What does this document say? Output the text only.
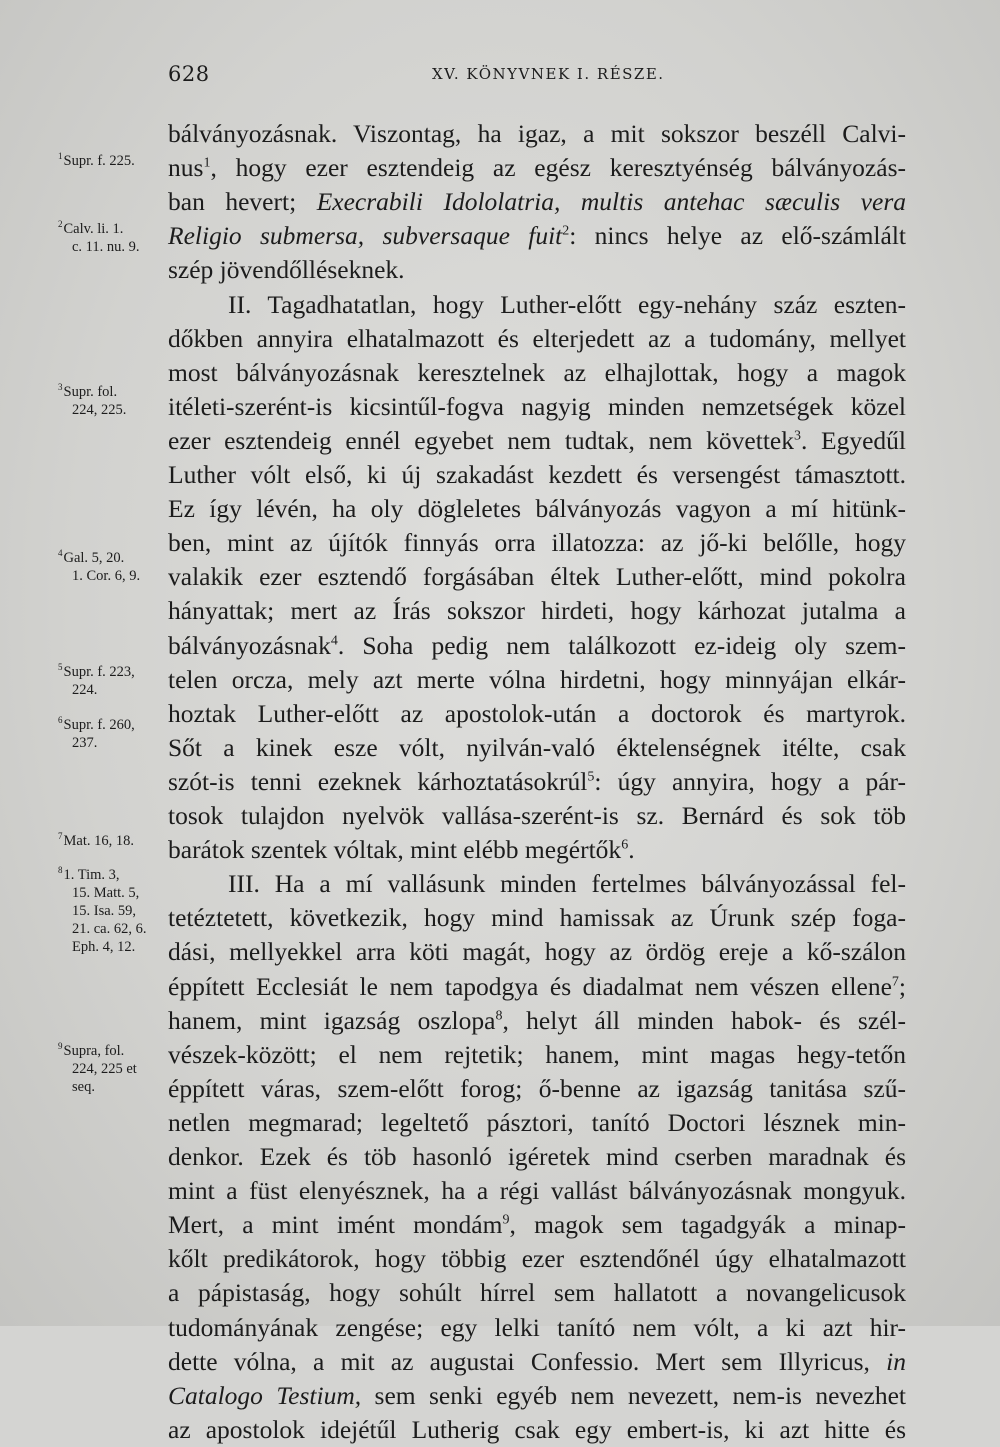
628	XV. KÖNYVNEK I. RÉSZE.
bálványozásnak. Viszontag, ha igaz, a mit sokszor beszéll Calvi-
nus$^1$, hogy ezer esztendeig az egész keresztyénség bálványozás-
ban hevert; Execrabili Idololatria, multis antehac sæculis vera
Religio submersa, subversaque fuit$^2$: nincs helye az elő-számlált
szép jövendőlléseknek.
II. Tagadhatatlan, hogy Luther-előtt egy-nehány száz eszten-
dőkben annyira elhatalmazott és elterjedett az a tudomány, mellyet
most bálványozásnak keresztelnek az elhajlottak, hogy a magok
itéleti-szerént-is kicsintűl-fogva nagyig minden nemzetségek közel
ezer esztendeig ennél egyebet nem tudtak, nem követtek$^3$. Egyedűl
Luther vólt első, ki új szakadást kezdett és versengést támasztott.
Ez így lévén, ha oly dögleletes bálványozás vagyon a mí hitünk-
ben, mint az újítók finnyás orra illatozza: az jő-ki belőlle, hogy
valakik ezer esztendő forgásában éltek Luther-előtt, mind pokolra
hányattak; mert az Írás sokszor hirdeti, hogy kárhozat jutalma a
bálványozásnak$^4$. Soha pedig nem találkozott ez-ideig oly szem-
telen orcza, mely azt merte vólna hirdetni, hogy minnyájan elkár-
hoztak Luther-előtt az apostolok-után a doctorok és martyrok.
Sőt a kinek esze vólt, nyilván-való éktelenségnek itélte, csak
szót-is tenni ezeknek kárhoztatásokrúl$^5$: úgy annyira, hogy a pár-
tosok tulajdon nyelvök vallása-szerént-is sz. Bernárd és sok töb
barátok szentek vóltak, mint elébb megértők$^6$.
III. Ha a mí vallásunk minden fertelmes bálványozással fel-
tetéztetett, következik, hogy mind hamissak az Úrunk szép foga-
dási, mellyekkel arra köti magát, hogy az ördög ereje a kő-szálon
éppített Ecclesiát le nem tapodgya és diadalmat nem vészen ellene$^7$;
hanem, mint igazság oszlopa$^8$, helyt áll minden habok- és szél-
vészek-között; el nem rejtetik; hanem, mint magas hegy-tetőn
éppített váras, szem-előtt forog; ő-benne az igazság tanitása szű-
netlen megmarad; legeltető pásztori, tanító Doctori lésznek min-
denkor. Ezek és töb hasonló igéretek mind cserben maradnak és
mint a füst elenyésznek, ha a régi vallást bálványozásnak mongyuk.
Mert, a mint imént mondám$^9$, magok sem tagadgyák a minap-
kőlt predikátorok, hogy többig ezer esztendőnél úgy elhatalmazott
a pápistaság, hogy sohúlt hírrel sem hallatott a novangelicusok
tudományának zengése; egy lelki tanító nem vólt, a ki azt hir-
dette vólna, a mit az augustai Confessio. Mert sem Illyricus, in
Catalogo Testium, sem senki egyéb nem nevezett, nem-is nevezhet
az apostolok idejétűl Lutherig csak egy embert-is, ki azt hitte és
$^1$Supr. f. 225.
$^2$Calv. li. 1.
c. 11. nu. 9.
$^3$Supr. fol.
224, 225.
$^4$Gal. 5, 20.
1. Cor. 6, 9.
$^5$Supr. f. 223,
224.
$^6$Supr. f. 260,
237.
$^7$Mat. 16, 18.
$^8$1. Tim. 3,
15. Matt. 5,
15. Isa. 59,
21. ca. 62, 6.
Eph. 4, 12.
$^9$Supra, fol.
224, 225 et
seq.
